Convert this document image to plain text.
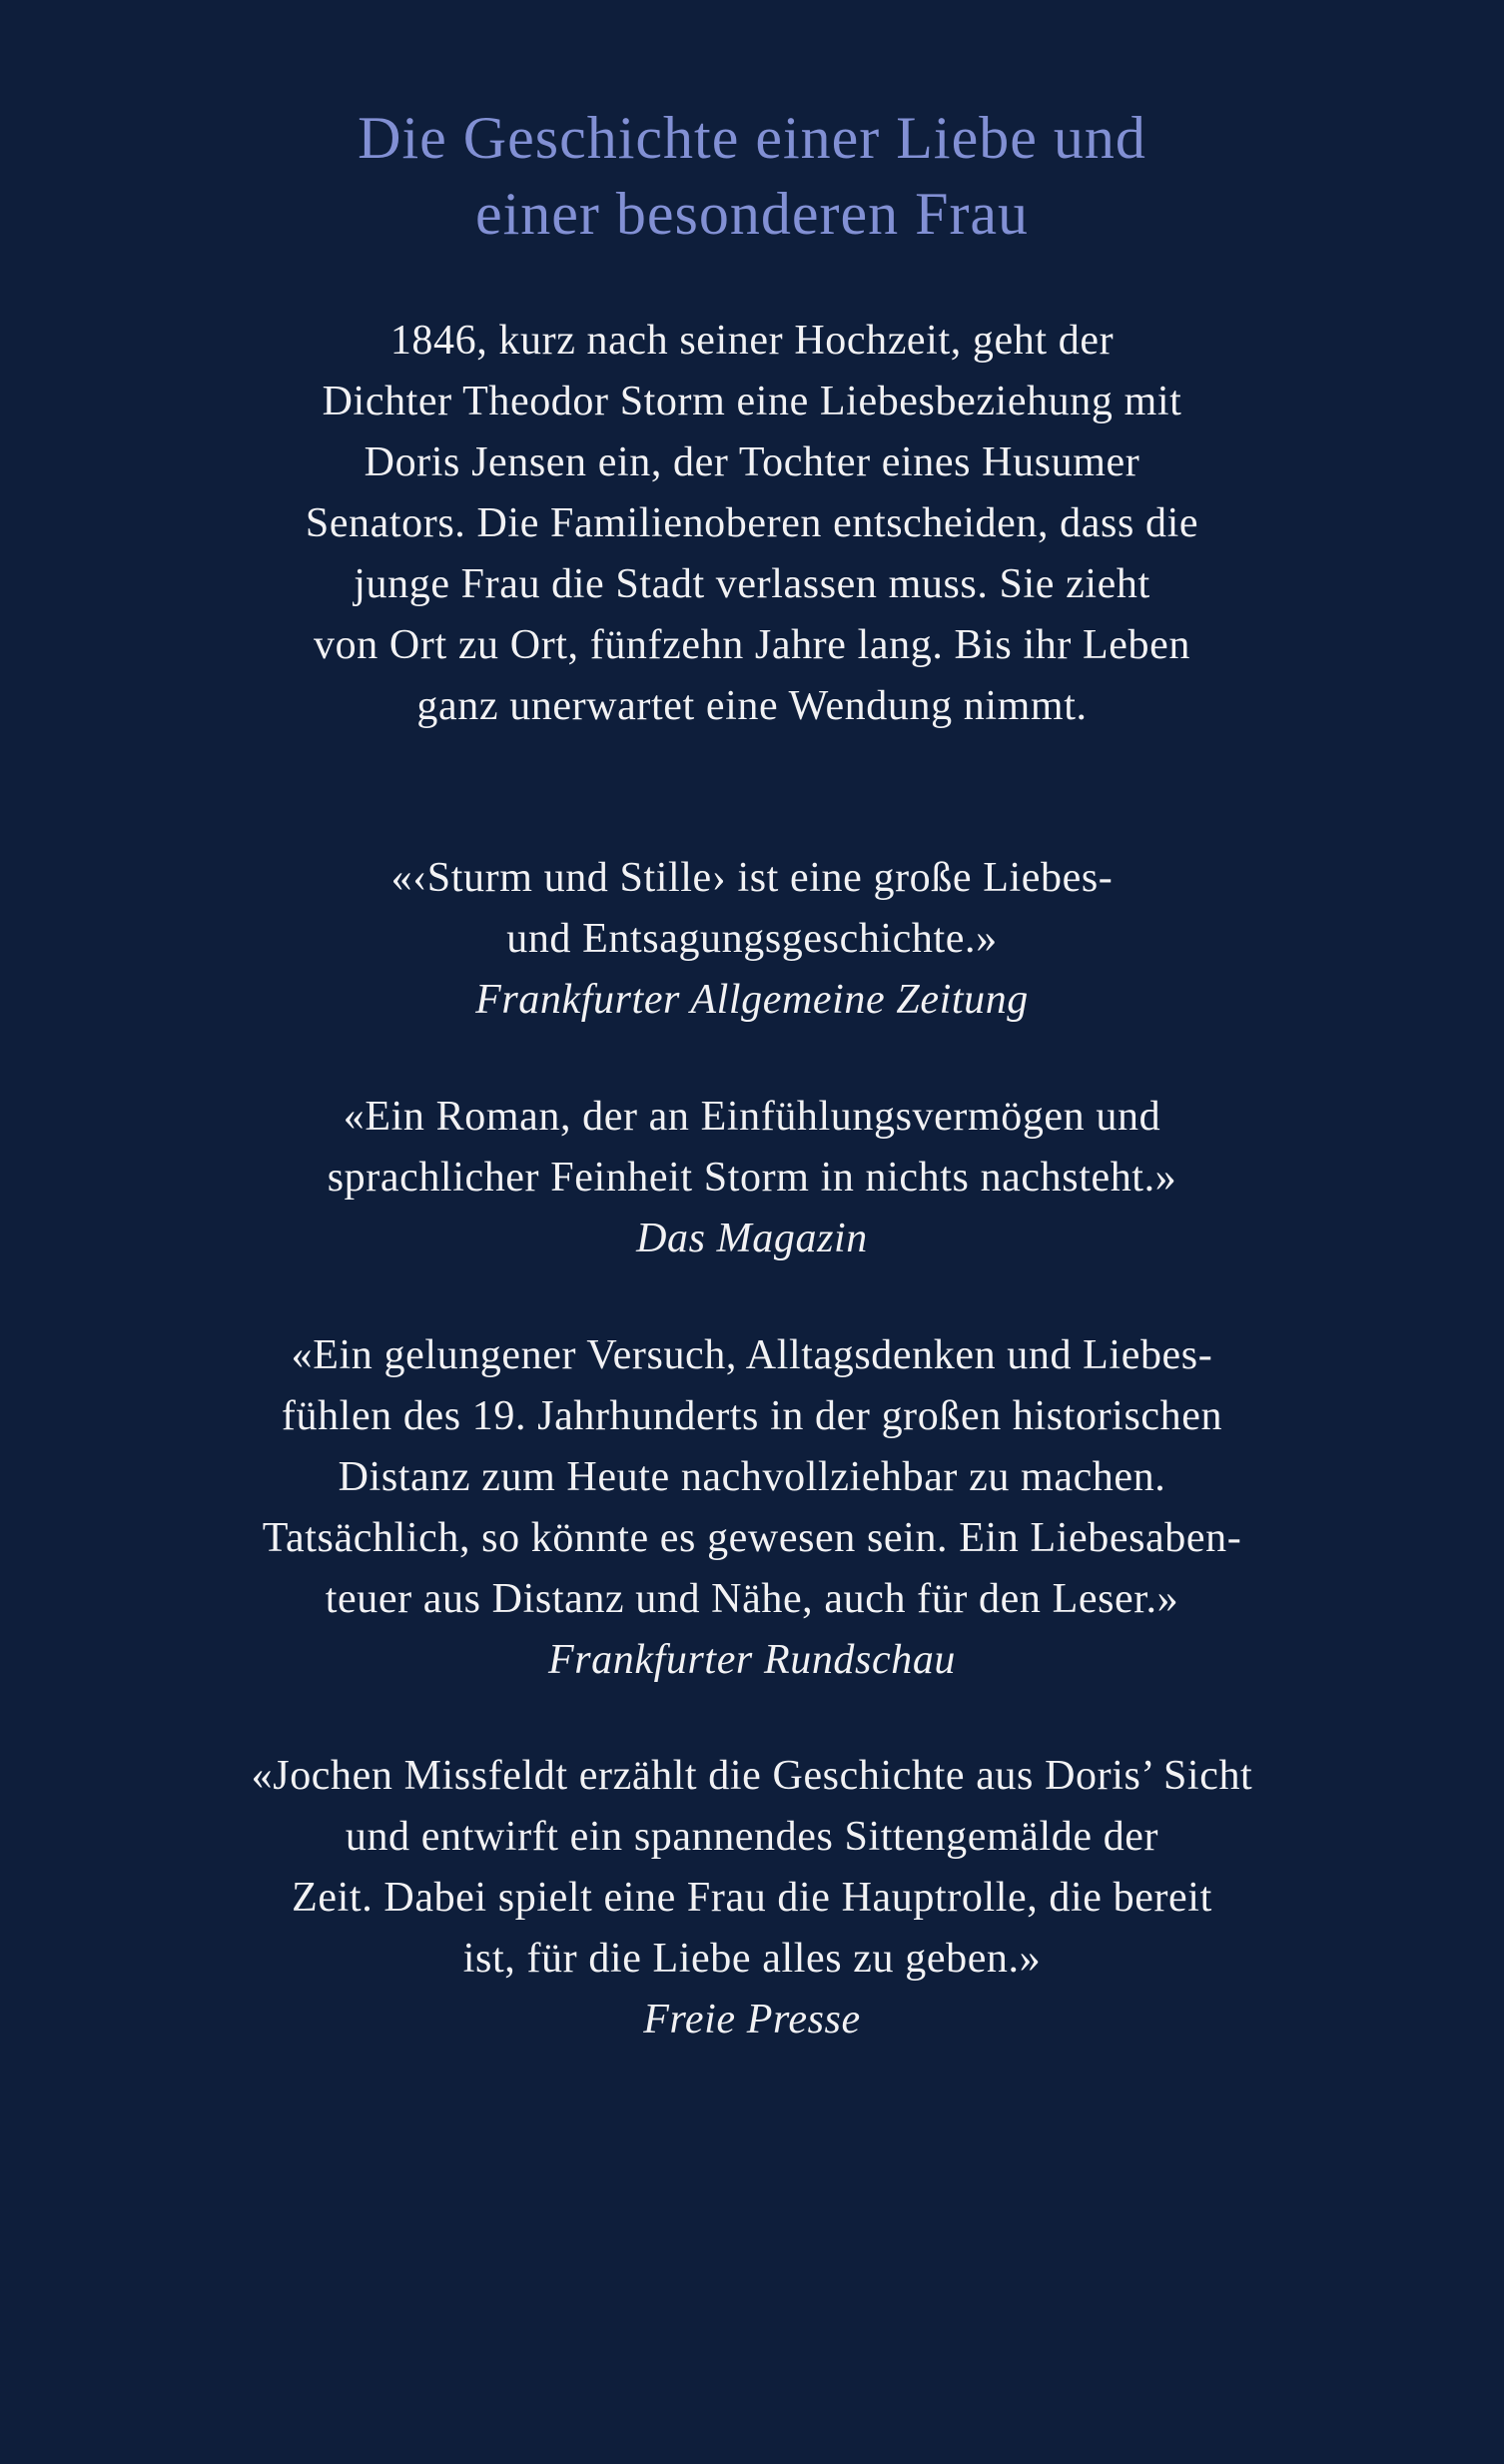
Die Geschichte einer Liebe und
einer besonderen Frau
1846, kurz nach seiner Hochzeit, geht der
Dichter Theodor Storm eine Liebesbeziehung mit
Doris Jensen ein, der Tochter eines Husumer
Senators. Die Familienoberen entscheiden, dass die
junge Frau die Stadt verlassen muss. Sie zieht
von Ort zu Ort, fünfzehn Jahre lang. Bis ihr Leben
ganz unerwartet eine Wendung nimmt.
«‹Sturm und Stille› ist eine große Liebes-
und Entsagungsgeschichte.»
Frankfurter Allgemeine Zeitung
«Ein Roman, der an Einfühlungsvermögen und
sprachlicher Feinheit Storm in nichts nachsteht.»
Das Magazin
«Ein gelungener Versuch, Alltagsdenken und Liebes-
fühlen des 19. Jahrhunderts in der großen historischen
Distanz zum Heute nachvollziehbar zu machen.
Tatsächlich, so könnte es gewesen sein. Ein Liebesaben-
teuer aus Distanz und Nähe, auch für den Leser.»
Frankfurter Rundschau
«Jochen Missfeldt erzählt die Geschichte aus Doris’ Sicht
und entwirft ein spannendes Sittengemälde der
Zeit. Dabei spielt eine Frau die Hauptrolle, die bereit
ist, für die Liebe alles zu geben.»
Freie Presse
